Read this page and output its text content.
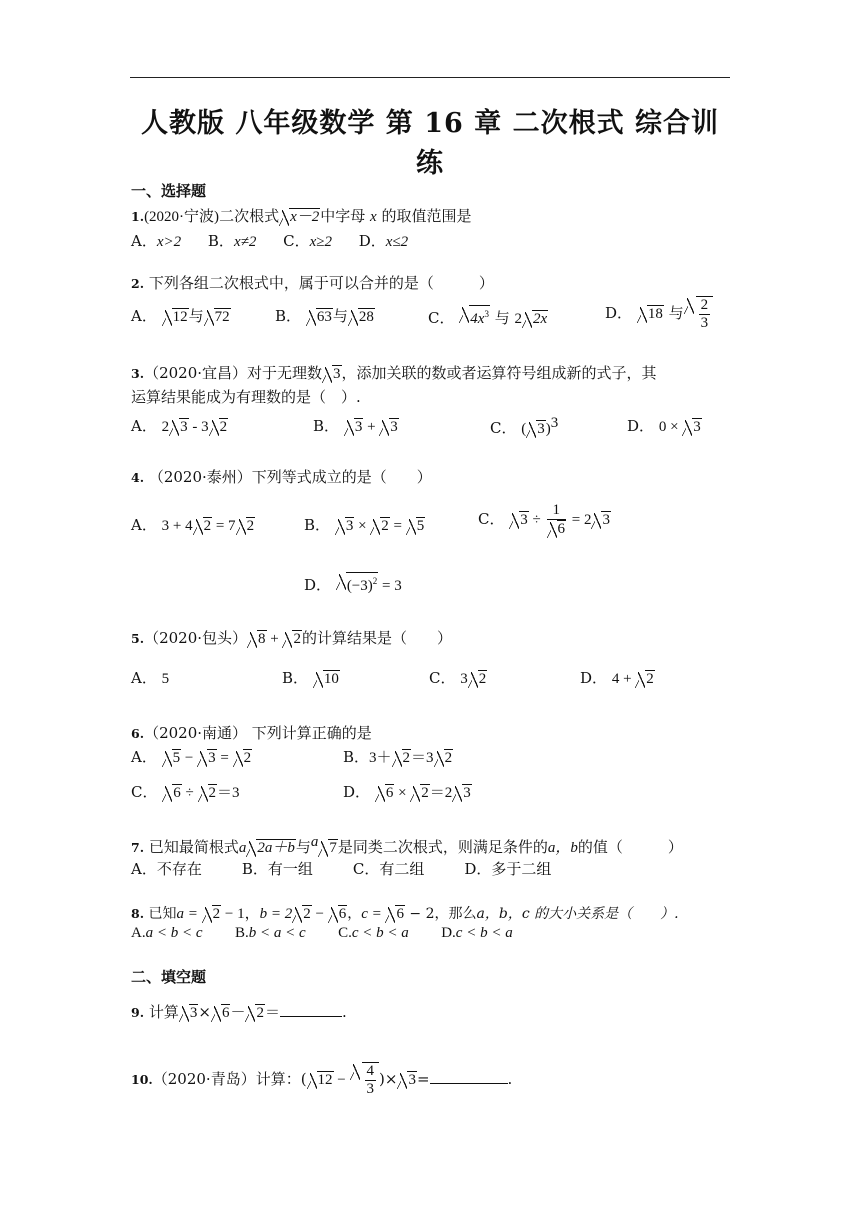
人教版 八年级数学 第 16 章 二次根式 综合训练
一、选择题
1.(2020·宁波)二次根式 x－2中字母 x 的取值范围是
A．x>2 B．x≠2 C．x≥2 D．x≤2
2. 下列各组二次根式中，属于可以合并的是（　　　）
A． 12与 72	B． 63与 28	C． $4x^3$ 与 2 2x	D． 18 与 $\frac{2}{3}$
3.（2020·宜昌）对于无理数 3，添加关联的数或者运算符号组成新的式子，其
运算结果能成为有理数的是（　）.
A． 2 3 - 3 2	B． 3 + 3	C． ( 3)$^3$	D． 0 × 3
4. （2020·泰州）下列等式成立的是（　　）
A． 3 + 4 2 = 7 2	B． 3 × 2 = 5	C． $3 \div \frac{1}{6} = 2$ 3
D． $(-3)^2 = 3$
5.（2020·包头） 8 + 2的计算结果是（　　）
A． 5	B． 10	C． 3 2	D． 4 + 2
6.（2020·南通） 下列计算正确的是
A． 5 − 3 = 2	B．3＋ 2＝3 2
C． 6 ÷ 2＝3	D． 6 × 2＝2 3
7. 已知最简根式a 2a＋b与$^a$ 7是同类二次根式，则满足条件的a，b的值（　　　）
A．不存在	B．有一组	C．有二组	D．多于二组
8. 已知a = 2 − 1，b = 2 2 − 6，c = 6 − 2，那么a，b，c 的大小关系是（　　）.
A.a < b < c B.b < a < c C.c < b < a D.c < b < a
二、填空题
9. 计算 3× 6－ 2＝	.
10.（2020·青岛）计算：( $12 - \frac{4}{3}$ )× 3=	.
